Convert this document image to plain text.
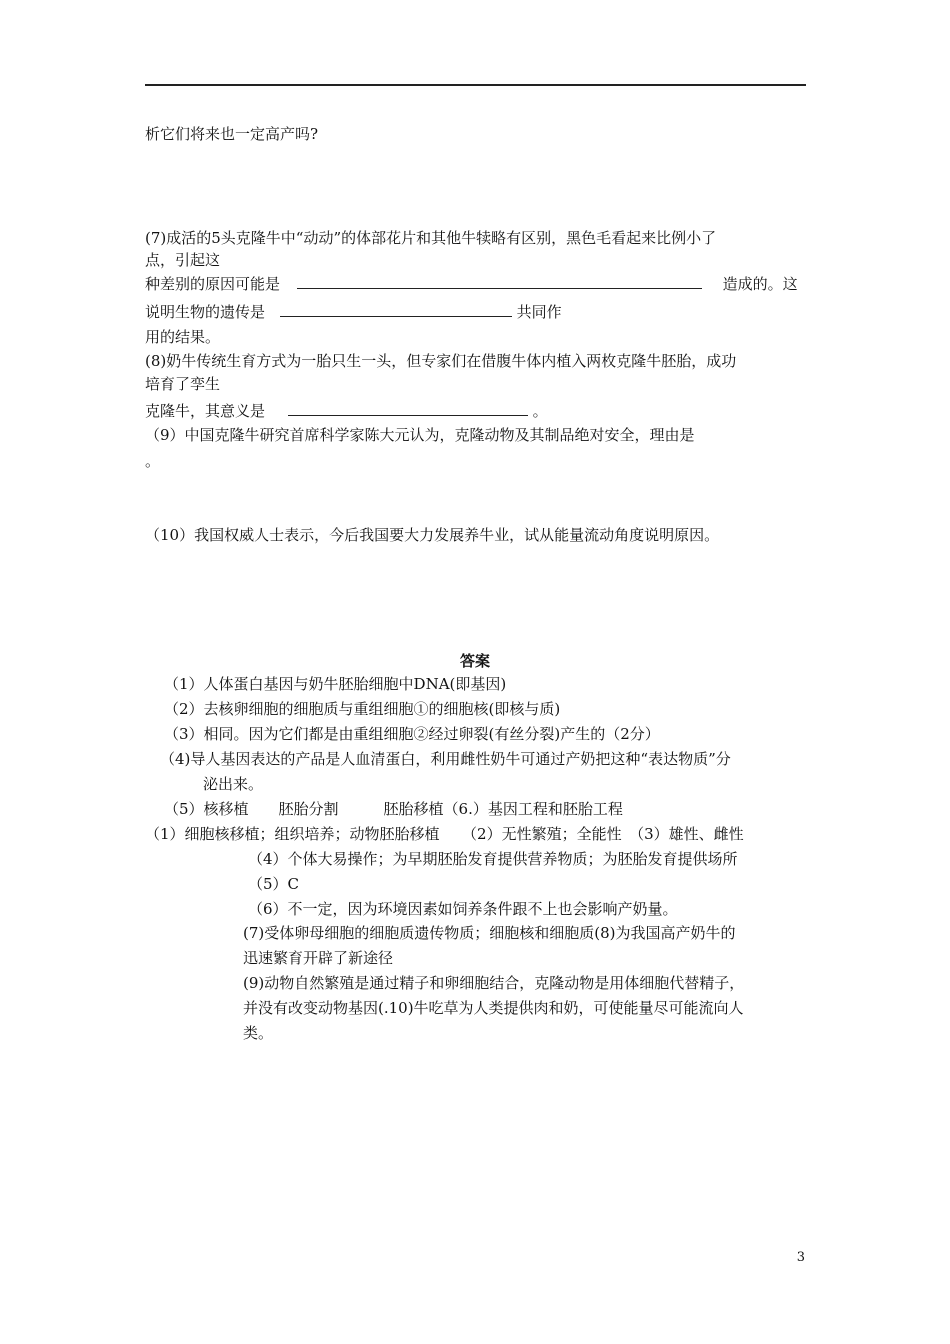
析它们将来也一定高产吗?
(7)成活的5头克隆牛中“动动”的体部花片和其他牛犊略有区别，黑色毛看起来比例小了
点，引起这
种差别的原因可能是	造成的。这
说明生物的遗传是	共同作
用的结果。
(8)奶牛传统生育方式为一胎只生一头，但专家们在借腹牛体内植入两枚克隆牛胚胎，成功
培育了孪生
克隆牛，其意义是	。
（9）中国克隆牛研究首席科学家陈大元认为，克隆动物及其制品绝对安全，理由是
。
（10）我国权威人士表示，今后我国要大力发展养牛业，试从能量流动角度说明原因。
答案
（1）人体蛋白基因与奶牛胚胎细胞中DNA(即基因)
（2）去核卵细胞的细胞质与重组细胞①的细胞核(即核与质)
（3）相同。因为它们都是由重组细胞②经过卵裂(有丝分裂)产生的（2分）
（4)导人基因表达的产品是人血清蛋白，利用雌性奶牛可通过产奶把这种“表达物质”分
泌出来。
（5）核移植　　胚胎分割　　　胚胎移植（6.）基因工程和胚胎工程
（1）细胞核移植；组织培养；动物胚胎移植　　（2）无性繁殖；全能性　（3）雄性、雌性
（4）个体大易操作；为早期胚胎发育提供营养物质；为胚胎发育提供场所
（5）C
（6）不一定，因为环境因素如饲养条件跟不上也会影响产奶量。
(7)受体卵母细胞的细胞质遗传物质；细胞核和细胞质(8)为我国高产奶牛的
迅速繁育开辟了新途径
(9)动物自然繁殖是通过精子和卵细胞结合，克隆动物是用体细胞代替精子，
并没有改变动物基因(.10)牛吃草为人类提供肉和奶，可使能量尽可能流向人
类。
3
